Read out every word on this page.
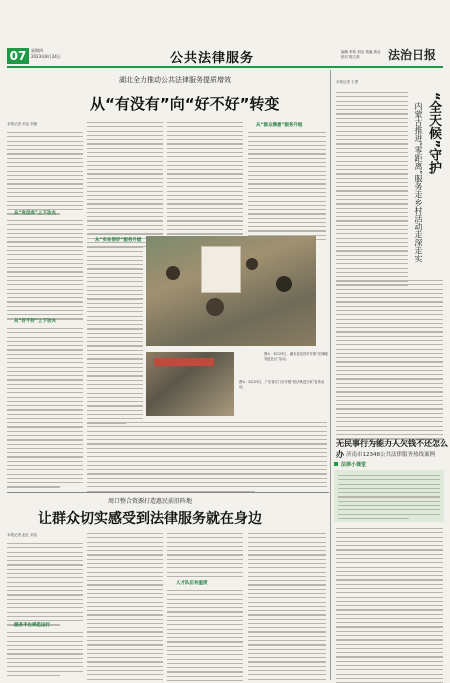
07	星期四
2023年8月24日	公共法律服务	编辑 李传 刘洁 美编 高洁 校对 陈文美	法治日报
湖北全力推动公共法律服务提质增效
从“有没有”向“好不好”转变
本报记者 刘洁 刘敏
从“有没有”上下功夫
从“好不好”上下功夫
从“实在很好”服务升级
从“群众满意”服务升级
图①：8月23日，湖北省宜昌市开展“法律服务进社区”活动。
图②：8月23日，广东省江门市开展“民法典进万家”宣传活动。
本报记者 王勇
“全天候”守护
内蒙古推进“零距离”服务走乡村活动走深走实
无民事行为能力人欠钱不还怎么办 济南市12348公共法律服务热线案例
法律小课堂
周口整合资源打造惠民前沿阵地
让群众切实感受到法律服务就在身边
本报记者 赵红 刘洁
服务平台规范运行
人才队伍有温度
